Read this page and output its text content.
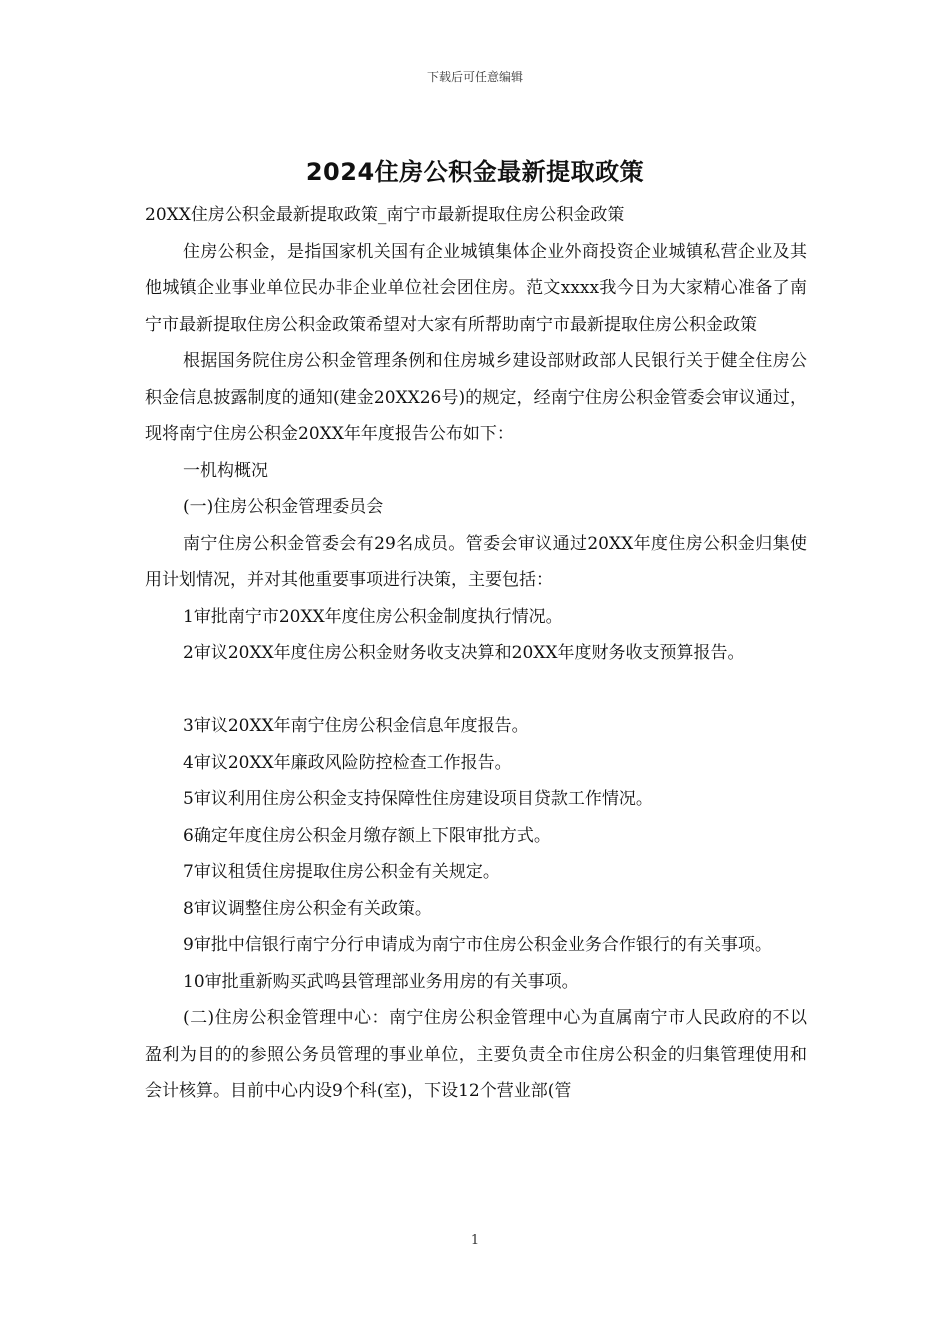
下载后可任意编辑
2024住房公积金最新提取政策

20XX住房公积金最新提取政策_南宁市最新提取住房公积金政策

住房公积金，是指国家机关国有企业城镇集体企业外商投资企业城镇私营企业及其他城镇企业事业单位民办非企业单位社会团住房。范文xxxx我今日为大家精心准备了南宁市最新提取住房公积金政策希望对大家有所帮助南宁市最新提取住房公积金政策

根据国务院住房公积金管理条例和住房城乡建设部财政部人民银行关于健全住房公积金信息披露制度的通知(建金20XX26号)的规定，经南宁住房公积金管委会审议通过，现将南宁住房公积金20XX年年度报告公布如下：

一机构概况

(一)住房公积金管理委员会

南宁住房公积金管委会有29名成员。管委会审议通过20XX年度住房公积金归集使用计划情况，并对其他重要事项进行决策，主要包括：

1审批南宁市20XX年度住房公积金制度执行情况。

2审议20XX年度住房公积金财务收支决算和20XX年度财务收支预算报告。

3审议20XX年南宁住房公积金信息年度报告。

4审议20XX年廉政风险防控检查工作报告。

5审议利用住房公积金支持保障性住房建设项目贷款工作情况。

6确定年度住房公积金月缴存额上下限审批方式。

7审议租赁住房提取住房公积金有关规定。

8审议调整住房公积金有关政策。

9审批中信银行南宁分行申请成为南宁市住房公积金业务合作银行的有关事项。

10审批重新购买武鸣县管理部业务用房的有关事项。

(二)住房公积金管理中心：南宁住房公积金管理中心为直属南宁市人民政府的不以盈利为目的的参照公务员管理的事业单位，主要负责全市住房公积金的归集管理使用和会计核算。目前中心内设9个科(室)，下设12个营业部(管

1
